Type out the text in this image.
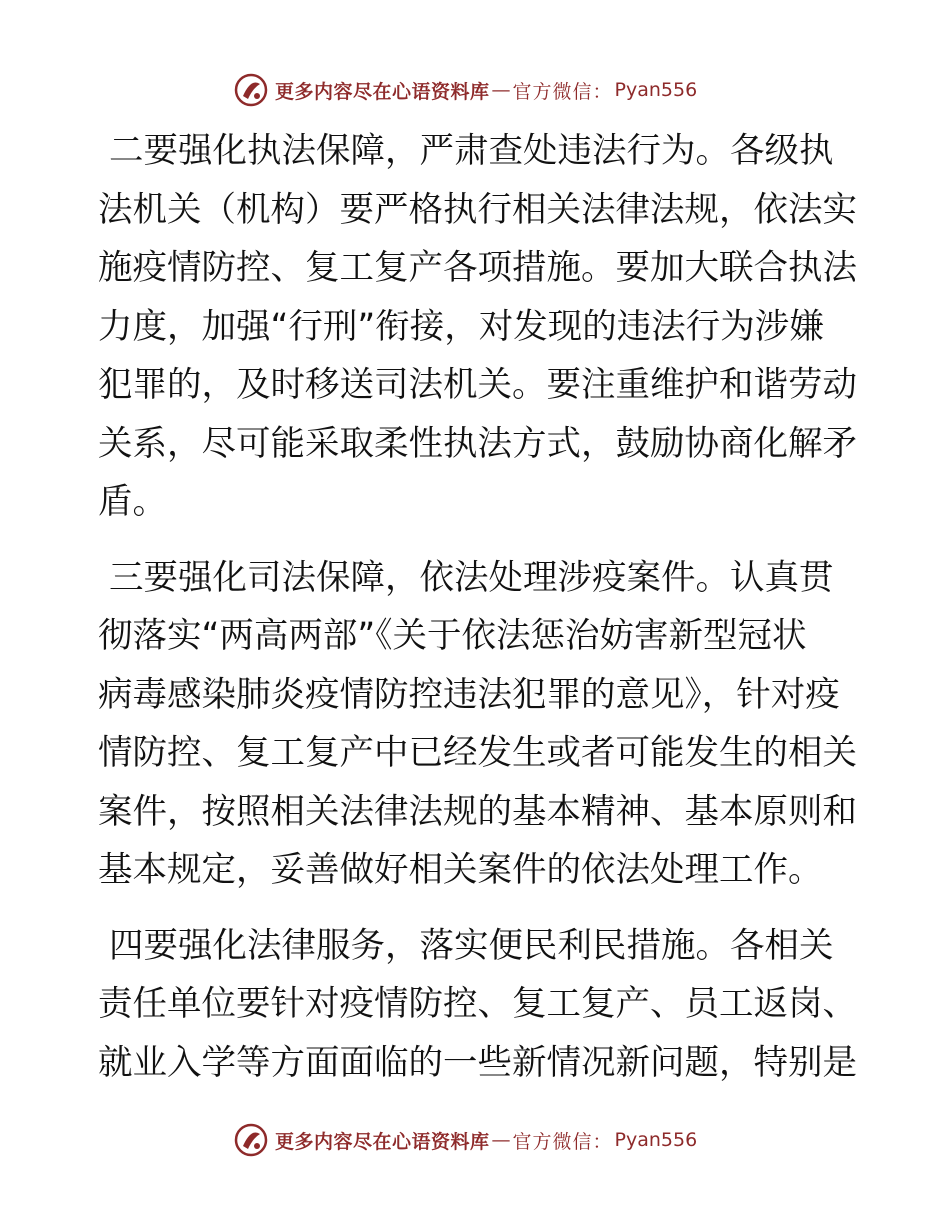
更多内容尽在心语资料库 — 官方微信： Pyan556

二要强化执法保障，严肃查处违法行为。各级执
法机关（机构）要严格执行相关法律法规，依法实
施疫情防控、复工复产各项措施。要加大联合执法
力度，加强“行刑”衔接，对发现的违法行为涉嫌
犯罪的，及时移送司法机关。要注重维护和谐劳动
关系，尽可能采取柔性执法方式，鼓励协商化解矛
盾。

三要强化司法保障，依法处理涉疫案件。认真贯
彻落实“两高两部”《关于依法惩治妨害新型冠状
病毒感染肺炎疫情防控违法犯罪的意见》，针对疫
情防控、复工复产中已经发生或者可能发生的相关
案件，按照相关法律法规的基本精神、基本原则和
基本规定，妥善做好相关案件的依法处理工作。

四要强化法律服务，落实便民利民措施。各相关
责任单位要针对疫情防控、复工复产、员工返岗、
就业入学等方面面临的一些新情况新问题，特别是

更多内容尽在心语资料库 — 官方微信： Pyan556
